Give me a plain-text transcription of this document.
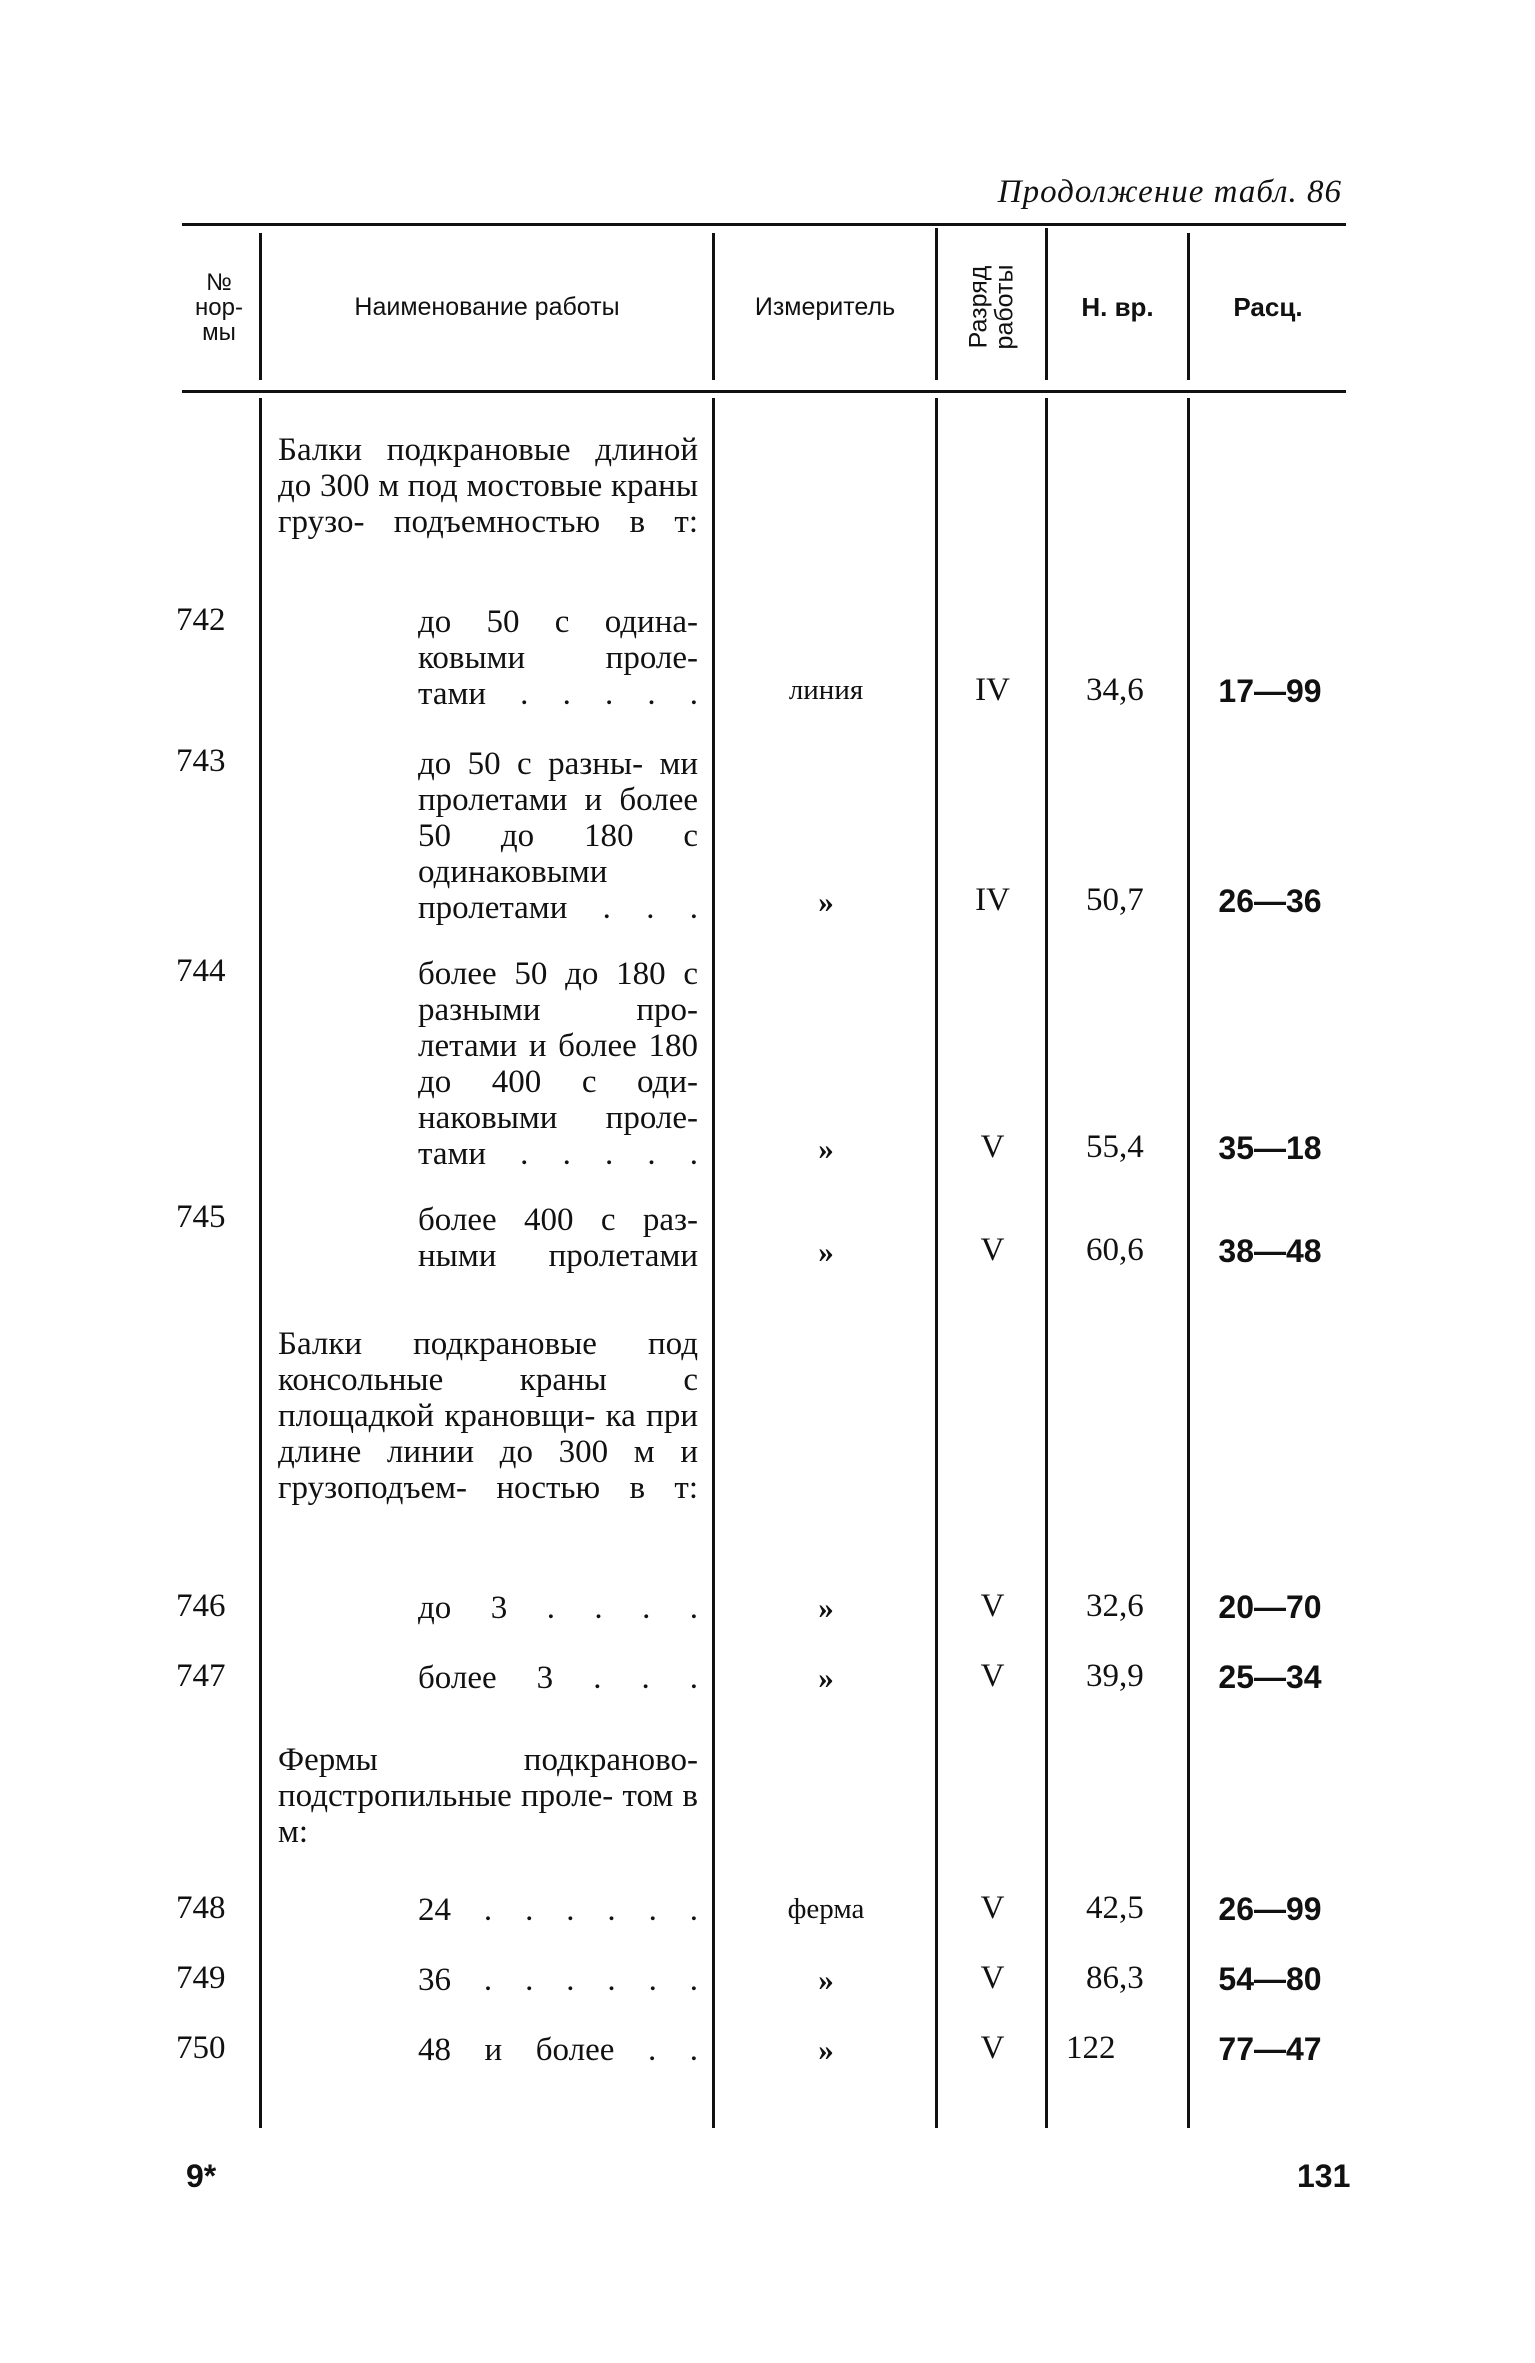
Продолжение табл. 86
№ нор- мы
Наименование работы	Измеритель	Разряд работы	Н. вр.	Расц.
Балки подкрановые длиной до 300 м под мостовые краны грузо- подъемностью в т:
742	до 50 с одина- ковыми проле- тами . . . . .	линия	IV	34,6	17—99
743	до 50 с разны- ми пролетами и более 50 до 180 с одинаковыми пролетами . . .	»	IV	50,7	26—36
744	более 50 до 180 с разными про- летами и более 180 до 400 с оди- наковыми проле- тами . . . . .	»	V	55,4	35—18
745	более 400 с раз- ными пролетами	»	V	60,6	38—48
Балки подкрановые под консольные краны с площадкой крановщи- ка при длине линии до 300 м и грузоподъем- ностью в т:
746	до 3 . . . .	»	V	32,6	20—70
747	более 3 . . .	»	V	39,9	25—34
Фермы подкраново- подстропильные проле- том в м:
748	24 . . . . . .	ферма	V	42,5	26—99
749	36 . . . . . .	»	V	86,3	54—80
750	48 и более . .	»	V	122	77—47
9*	131
